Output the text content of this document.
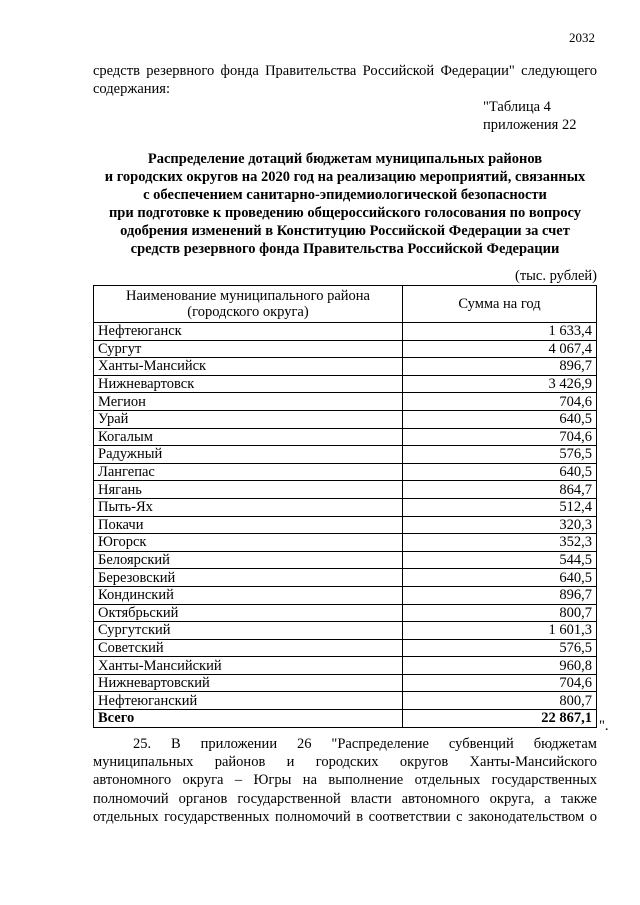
2032
средств резервного фонда Правительства Российской Федерации" следующего
содержания:
"Таблица 4
приложения 22
Распределение дотаций бюджетам муниципальных районов
и городских округов на 2020 год на реализацию мероприятий, связанных
с обеспечением санитарно-эпидемиологической безопасности
при подготовке к проведению общероссийского голосования по вопросу
одобрения изменений в Конституцию Российской Федерации за счет
средств резервного фонда Правительства Российской Федерации
(тыс. рублей)
Наименование муниципального района
(городского округа)	Сумма на год
Нефтеюганск	1 633,4
Сургут	4 067,4
Ханты-Мансийск	896,7
Нижневартовск	3 426,9
Мегион	704,6
Урай	640,5
Когалым	704,6
Радужный	576,5
Лангепас	640,5
Нягань	864,7
Пыть-Ях	512,4
Покачи	320,3
Югорск	352,3
Белоярский	544,5
Березовский	640,5
Кондинский	896,7
Октябрьский	800,7
Сургутский	1 601,3
Советский	576,5
Ханты-Мансийский	960,8
Нижневартовский	704,6
Нефтеюганский	800,7
Всего	22 867,1 ".
25. В приложении 26 "Распределение субвенций бюджетам
муниципальных районов и городских округов Ханты-Мансийского
автономного округа – Югры на выполнение отдельных государственных
полномочий органов государственной власти автономного округа, а также
отдельных государственных полномочий в соответствии с законодательством о
